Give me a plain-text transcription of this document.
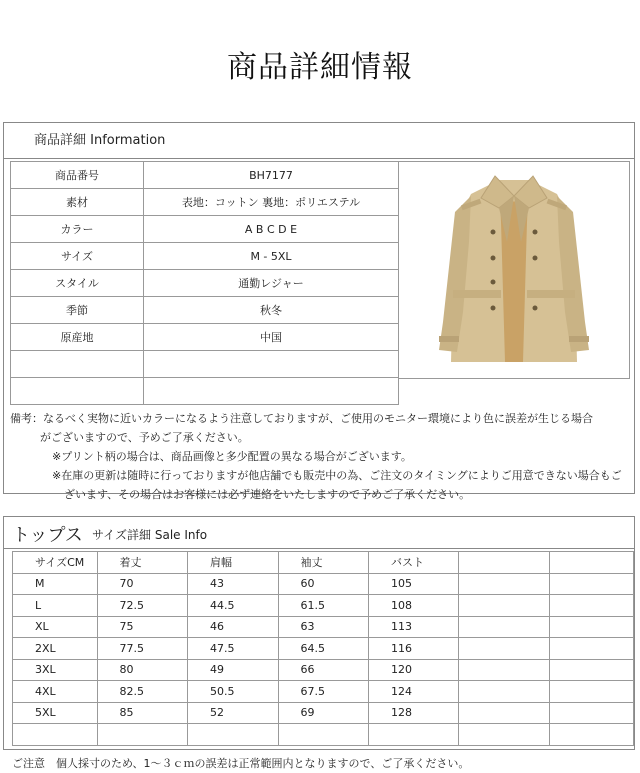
商品詳細情報
商品詳細 Information
商品番号	BH7177
素材	表地：コットン 裏地：ポリエステル
カラー	A B C D E
サイズ	M - 5XL
スタイル	通勤レジャー
季節	秋冬
原産地	中国

備考：なるべく実物に近いカラーになるよう注意しておりますが、ご使用のモニター環境により色に誤差が生じる場合
がございますので、予めご了承ください。
※プリント柄の場合は、商品画像と多少配置の異なる場合がございます。
※在庫の更新は随時に行っておりますが他店舗でも販売中の為、ご注文のタイミングによりご用意できない場合もご
ざいます、その場合はお客様には必ず連絡をいたしますので予めご了承ください。
トップス サイズ詳細 Sale Info
サイズCM	着丈	肩幅	袖丈	バスト		
M	70	43	60	105		
L	72.5	44.5	61.5	108		
XL	75	46	63	113		
2XL	77.5	47.5	64.5	116		
3XL	80	49	66	120		
4XL	82.5	50.5	67.5	124		
5XL	85	52	69	128		

ご注意　個人採寸のため、1～３ｃｍの誤差は正常範囲内となりますので、ご了承ください。
